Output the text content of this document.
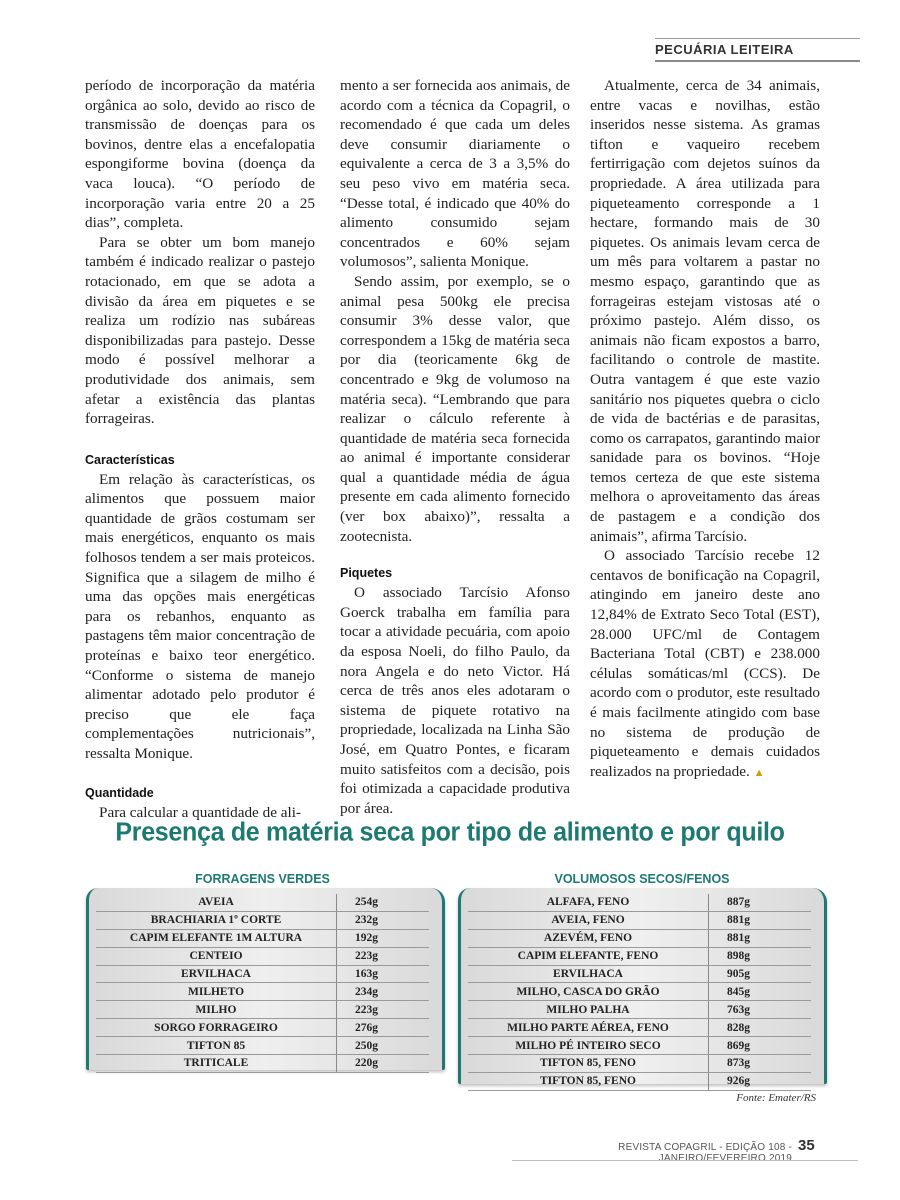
PECUÁRIA LEITEIRA

período de incorporação da matéria orgânica ao solo, devido ao risco de transmissão de doenças para os bovinos, dentre elas a encefalopatia espongiforme bovina (doença da vaca louca). “O período de incorporação varia entre 20 a 25 dias”, completa.

Para se obter um bom manejo também é indicado realizar o pastejo rotacionado, em que se adota a divisão da área em piquetes e se realiza um rodízio nas subáreas disponibilizadas para pastejo. Desse modo é possível melhorar a produtividade dos animais, sem afetar a existência das plantas forrageiras.

Características

Em relação às características, os alimentos que possuem maior quantidade de grãos costumam ser mais energéticos, enquanto os mais folhosos tendem a ser mais proteicos. Significa que a silagem de milho é uma das opções mais energéticas para os rebanhos, enquanto as pastagens têm maior concentração de proteínas e baixo teor energético. “Conforme o sistema de manejo alimentar adotado pelo produtor é preciso que ele faça complementações nutricionais”, ressalta Monique.

Quantidade

Para calcular a quantidade de ali-

mento a ser fornecida aos animais, de acordo com a técnica da Copagril, o recomendado é que cada um deles deve consumir diariamente o equivalente a cerca de 3 a 3,5% do seu peso vivo em matéria seca. “Desse total, é indicado que 40% do alimento consumido sejam concentrados e 60% sejam volumosos”, salienta Monique.

Sendo assim, por exemplo, se o animal pesa 500kg ele precisa consumir 3% desse valor, que correspondem a 15kg de matéria seca por dia (teoricamente 6kg de concentrado e 9kg de volumoso na matéria seca). “Lembrando que para realizar o cálculo referente à quantidade de matéria seca fornecida ao animal é importante considerar qual a quantidade média de água presente em cada alimento fornecido (ver box abaixo)”, ressalta a zootecnista.

Piquetes

O associado Tarcísio Afonso Goerck trabalha em família para tocar a atividade pecuária, com apoio da esposa Noeli, do filho Paulo, da nora Angela e do neto Victor. Há cerca de três anos eles adotaram o sistema de piquete rotativo na propriedade, localizada na Linha São José, em Quatro Pontes, e ficaram muito satisfeitos com a decisão, pois foi otimizada a capacidade produtiva por área.

Atualmente, cerca de 34 animais, entre vacas e novilhas, estão inseridos nesse sistema. As gramas tifton e vaqueiro recebem fertirrigação com dejetos suínos da propriedade. A área utilizada para piqueteamento corresponde a 1 hectare, formando mais de 30 piquetes. Os animais levam cerca de um mês para voltarem a pastar no mesmo espaço, garantindo que as forrageiras estejam vistosas até o próximo pastejo. Além disso, os animais não ficam expostos a barro, facilitando o controle de mastite. Outra vantagem é que este vazio sanitário nos piquetes quebra o ciclo de vida de bactérias e de parasitas, como os carrapatos, garantindo maior sanidade para os bovinos. “Hoje temos certeza de que este sistema melhora o aproveitamento das áreas de pastagem e a condição dos animais”, afirma Tarcísio.

O associado Tarcísio recebe 12 centavos de bonificação na Copagril, atingindo em janeiro deste ano 12,84% de Extrato Seco Total (EST), 28.000 UFC/ml de Contagem Bacteriana Total (CBT) e 238.000 células somáticas/ml (CCS). De acordo com o produtor, este resultado é mais facilmente atingido com base no sistema de produção de piqueteamento e demais cuidados realizados na propriedade. ▲

Presença de matéria seca por tipo de alimento e por quilo
FORRAGENS VERDES	VOLUMOSOS SECOS/FENOS
AVEIA	254g
BRACHIARIA 1º CORTE	232g
CAPIM ELEFANTE 1M ALTURA	192g
CENTEIO	223g
ERVILHACA	163g
MILHETO	234g
MILHO	223g
SORGO FORRAGEIRO	276g
TIFTON 85	250g
TRITICALE	220g
ALFAFA, FENO	887g
AVEIA, FENO	881g
AZEVÉM, FENO	881g
CAPIM ELEFANTE, FENO	898g
ERVILHACA	905g
MILHO, CASCA DO GRÃO	845g
MILHO PALHA	763g
MILHO PARTE AÉREA, FENO	828g
MILHO PÉ INTEIRO SECO	869g
TIFTON 85, FENO	873g
TIFTON 85, FENO	926g
Fonte: Emater/RS
REVISTA COPAGRIL - EDIÇÃO 108 - JANEIRO/FEVEREIRO 2019
35
